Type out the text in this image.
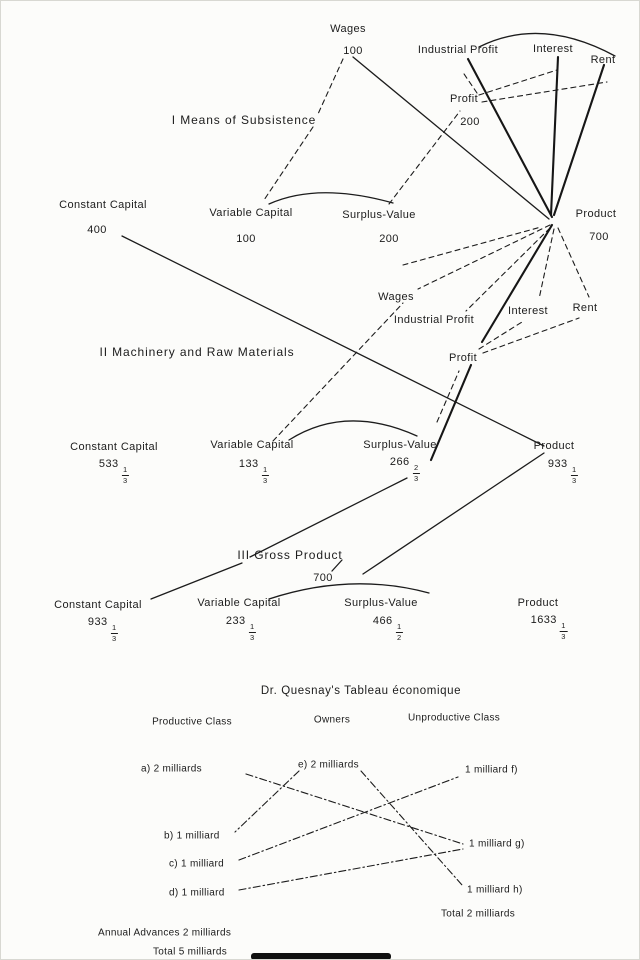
I Means of Subsistence
Wages
100	Industrial Profit	Interest
Rent
Profit
200
Constant Capital
400
Variable Capital
100
Surplus-Value
200
Product
700
II Machinery and Raw Materials
Wages
Industrial Profit
Interest Rent
Profit
Constant Capital
533
$\frac{1}{3}$
Variable Capital
133
$\frac{1}{3}$
Surplus-Value
266
$\frac{2}{3}$
Product
933
$\frac{1}{3}$
III Gross Product
700
Constant Capital
933
$\frac{1}{3}$
Variable Capital
233
$\frac{1}{3}$
Surplus-Value
466
$\frac{1}{2}$
Product
1633
$\frac{1}{3}$
Dr. Quesnay's Tableau économique
Productive Class	Owners	Unproductive Class
a) 2 milliards	e) 2 milliards	1 milliard f)
b) 1 milliard
c) 1 milliard
d) 1 milliard
1 milliard g)
1 milliard h)
Total 2 milliards
Annual Advances 2 milliards
Total 5 milliards
